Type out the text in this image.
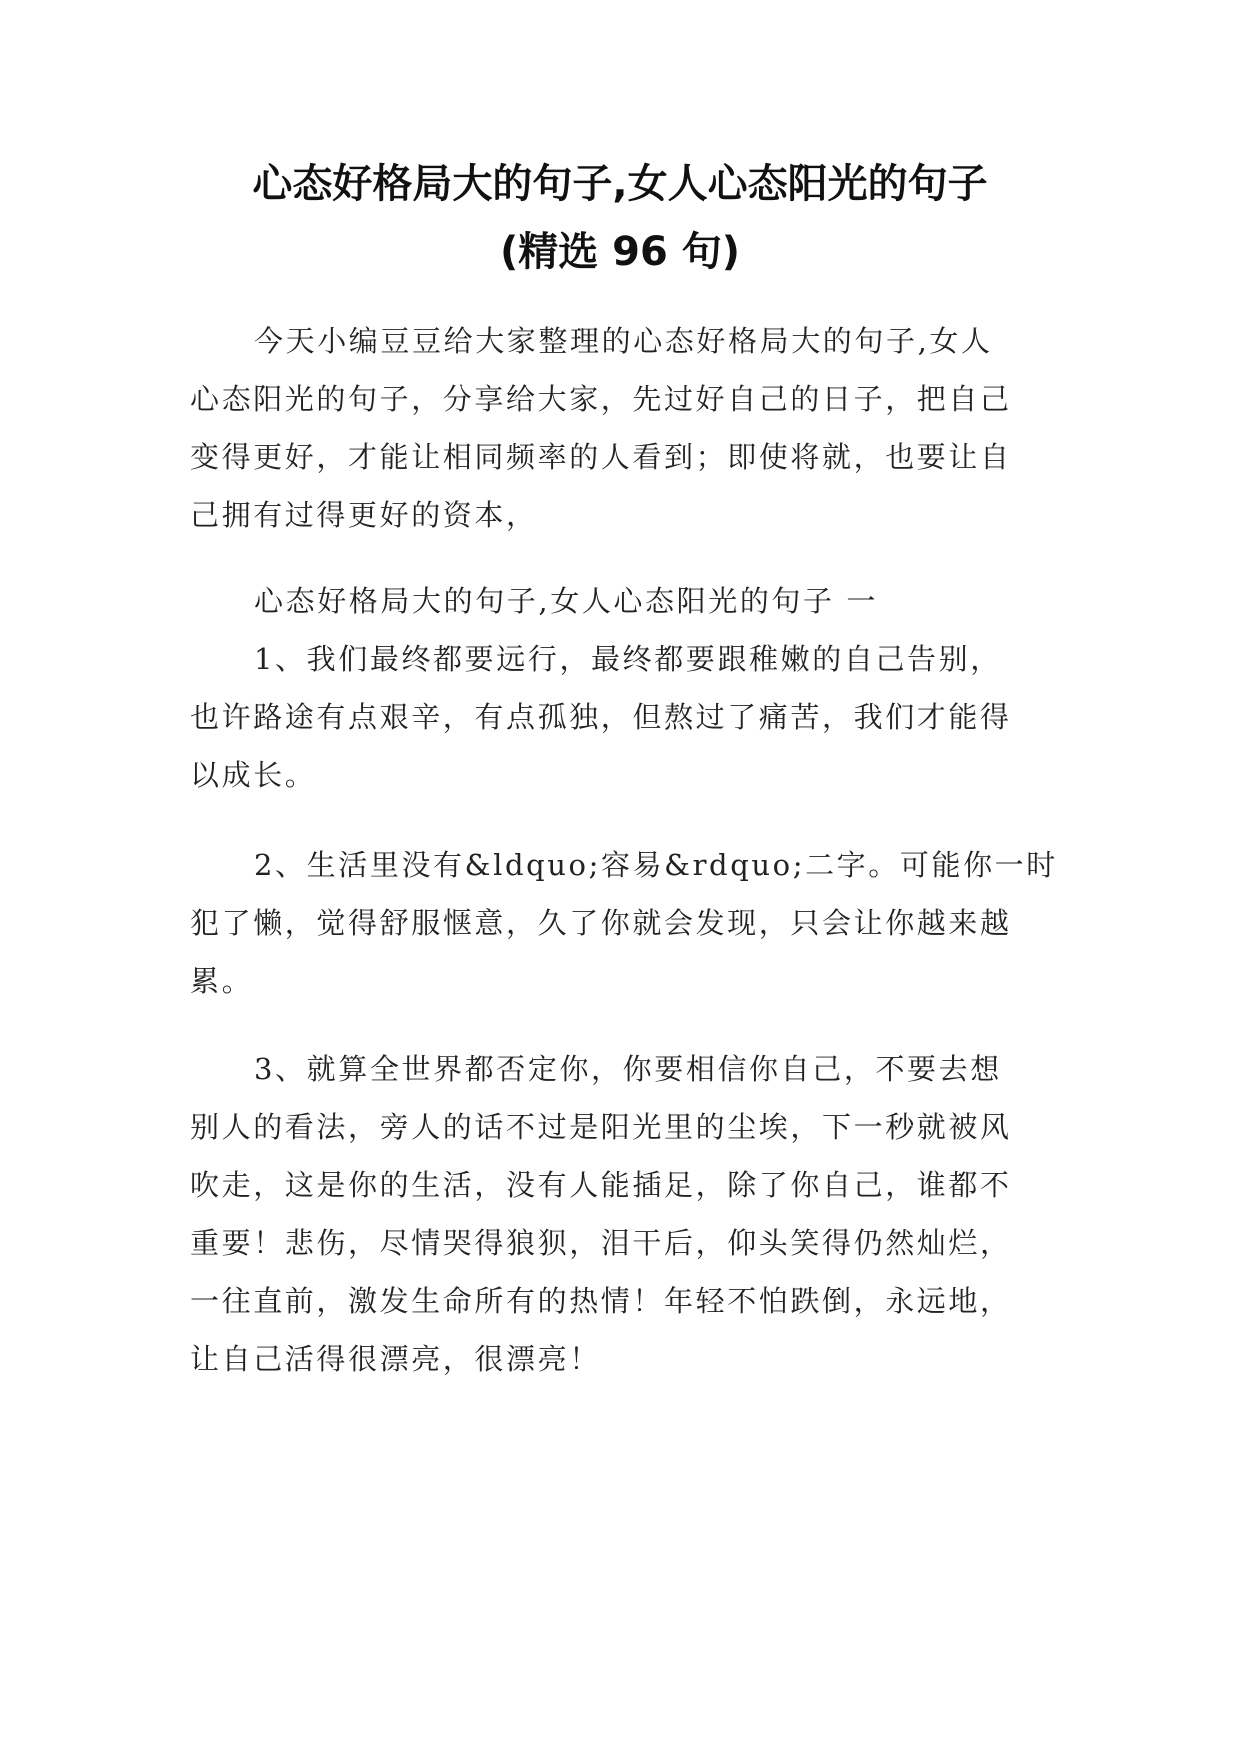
心态好格局大的句子,女人心态阳光的句子
(精选 96 句)

今天小编豆豆给大家整理的心态好格局大的句子,女人
心态阳光的句子，分享给大家，先过好自己的日子，把自己
变得更好，才能让相同频率的人看到；即使将就，也要让自
己拥有过得更好的资本，

心态好格局大的句子,女人心态阳光的句子 一

1、我们最终都要远行，最终都要跟稚嫩的自己告别，
也许路途有点艰辛，有点孤独，但熬过了痛苦，我们才能得
以成长。

2、生活里没有&ldquo;容易&rdquo;二字。可能你一时
犯了懒，觉得舒服惬意，久了你就会发现，只会让你越来越
累。

3、就算全世界都否定你，你要相信你自己，不要去想
别人的看法，旁人的话不过是阳光里的尘埃，下一秒就被风
吹走，这是你的生活，没有人能插足，除了你自己，谁都不
重要！悲伤，尽情哭得狼狈，泪干后，仰头笑得仍然灿烂，
一往直前，激发生命所有的热情！年轻不怕跌倒，永远地，
让自己活得很漂亮，很漂亮！
